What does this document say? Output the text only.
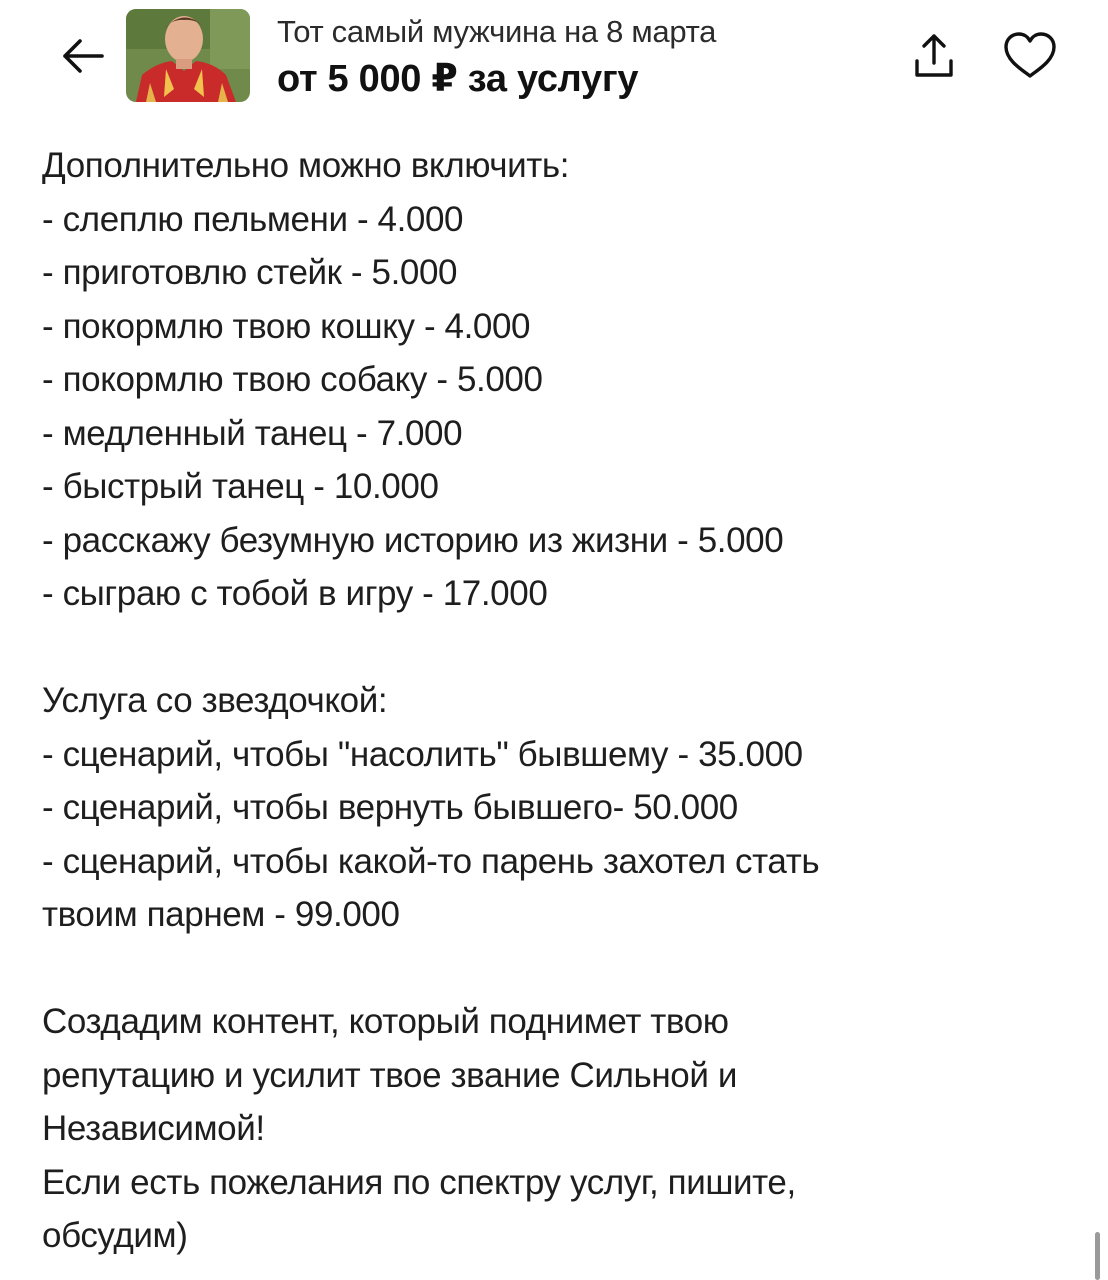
Тот самый мужчина на 8 марта
от 5 000 ₽ за услугу

Дополнительно можно включить:

- слеплю пельмени - 4.000

- приготовлю стейк - 5.000

- покормлю твою кошку - 4.000

- покормлю твою собаку - 5.000

- медленный танец - 7.000

- быстрый танец - 10.000

- расскажу безумную историю из жизни - 5.000

- сыграю с тобой в игру - 17.000

Услуга со звездочкой:

- сценарий, чтобы "насолить" бывшему - 35.000

- сценарий, чтобы вернуть бывшего- 50.000

- сценарий, чтобы какой-то парень захотел стать

твоим парнем - 99.000

Создадим контент, который поднимет твою

репутацию и усилит твое звание Сильной и

Независимой!

Если есть пожелания по спектру услуг, пишите,

обсудим)
